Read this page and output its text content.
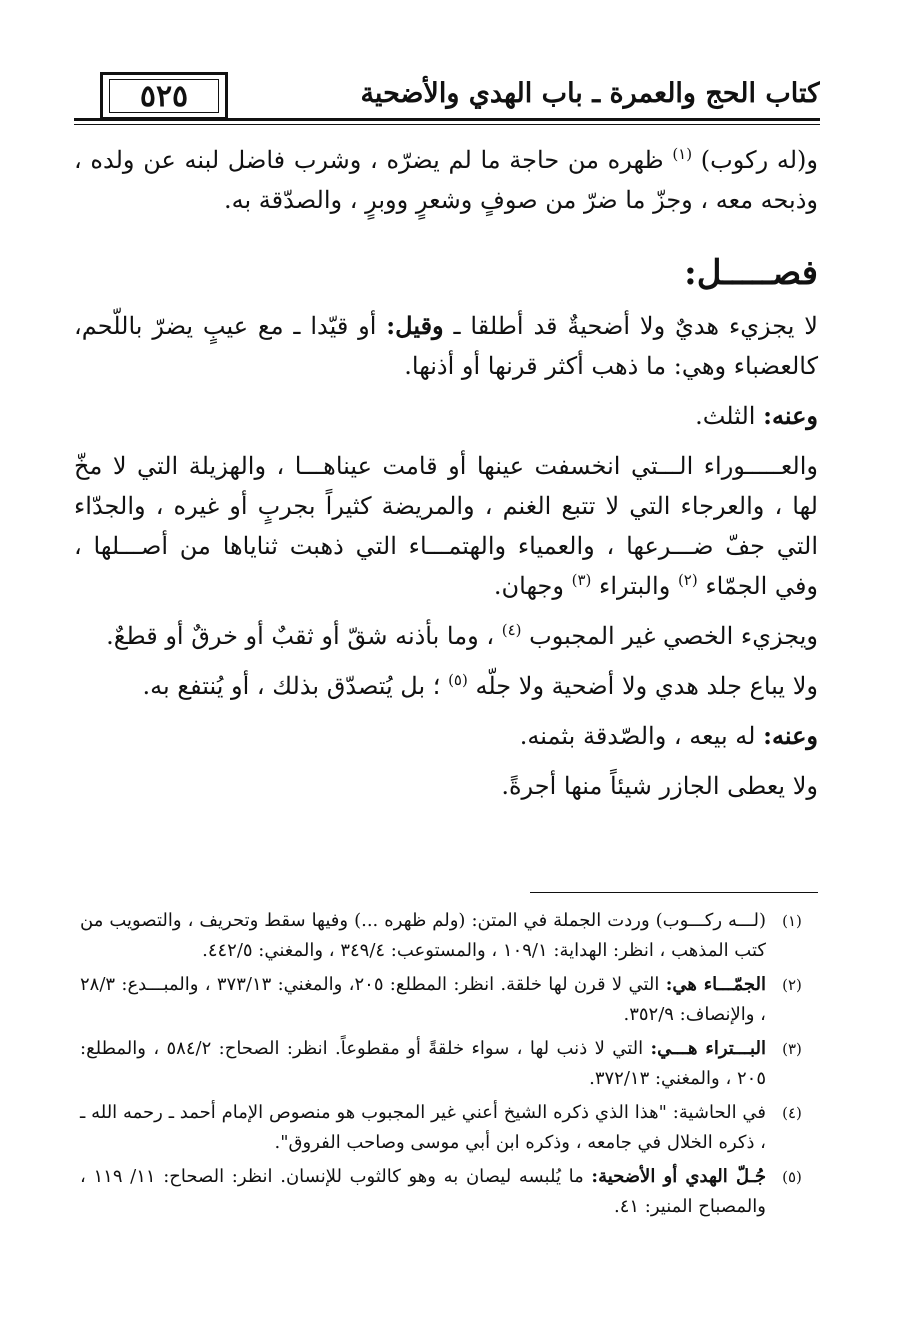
٥٢٥	كتاب الحج والعمرة ـ باب الهدي والأضحية

و(له ركوب) $^{(١)}$ ظهره من حاجة ما لم يضرّه ، وشرب فاضل لبنه عن ولده ، وذبحه معه ، وجزّ ما ضرّ من صوفٍ وشعرٍ ووبرٍ ، والصدّقة به.

فصـــــل:

لا يجزيء هديٌ ولا أضحيةٌ قد أطلقا ـ وقيل: أو قيّدا ـ مع عيبٍ يضرّ باللّحم، كالعضباء وهي: ما ذهب أكثر قرنها أو أذنها.

وعنه: الثلث.

والعـــــوراء الـــتي انخسفت عينها أو قامت عيناهـــا ، والهزيلة التي لا مخّ لها ، والعرجاء التي لا تتبع الغنم ، والمريضة كثيراً بجربٍ أو غيره ، والجدّاء التي جفّ ضـــرعها ، والعمياء والهتمـــاء التي ذهبت ثناياها من أصـــلها ، وفي الجمّاء $^{(٢)}$ والبتراء $^{(٣)}$ وجهان.

ويجزيء الخصي غير المجبوب $^{(٤)}$ ، وما بأذنه شقّ أو ثقبٌ أو خرقٌ أو قطعٌ.

ولا يباع جلد هدي ولا أضحية ولا جلّه $^{(٥)}$ ؛ بل يُتصدّق بذلك ، أو يُنتفع به.

وعنه: له بيعه ، والصّدقة بثمنه.

ولا يعطى الجازر شيئاً منها أجرةً.

(١)
(لـــه ركـــوب) وردت الجملة في المتن: (ولم ظهره ...) وفيها سقط وتحريف ، والتصويب من كتب المذهب ، انظر: الهداية: ١٠٩/١ ، والمستوعب: ٣٤٩/٤ ، والمغني: ٤٤٢/٥.
(٢)
الجمّـــاء هي: التي لا قرن لها خلقة. انظر: المطلع: ٢٠٥، والمغني: ٣٧٣/١٣ ، والمبـــدع: ٢٨/٣ ، والإنصاف: ٣٥٢/٩.
(٣)
البـــتراء هـــي: التي لا ذنب لها ، سواء خلقةً أو مقطوعاً. انظر: الصحاح: ٥٨٤/٢ ، والمطلع: ٢٠٥ ، والمغني: ٣٧٢/١٣.
(٤)
في الحاشية: "هذا الذي ذكره الشيخ أعني غير المجبوب هو منصوص الإمام أحمد ـ رحمه الله ـ ، ذكره الخلال في جامعه ، وذكره ابن أبي موسى وصاحب الفروق".
(٥)
جُـلّ الهدي أو الأضحية: ما يُلبسه ليصان به وهو كالثوب للإنسان. انظر: الصحاح: ١١/ ١١٩ ، والمصباح المنير: ٤١.
